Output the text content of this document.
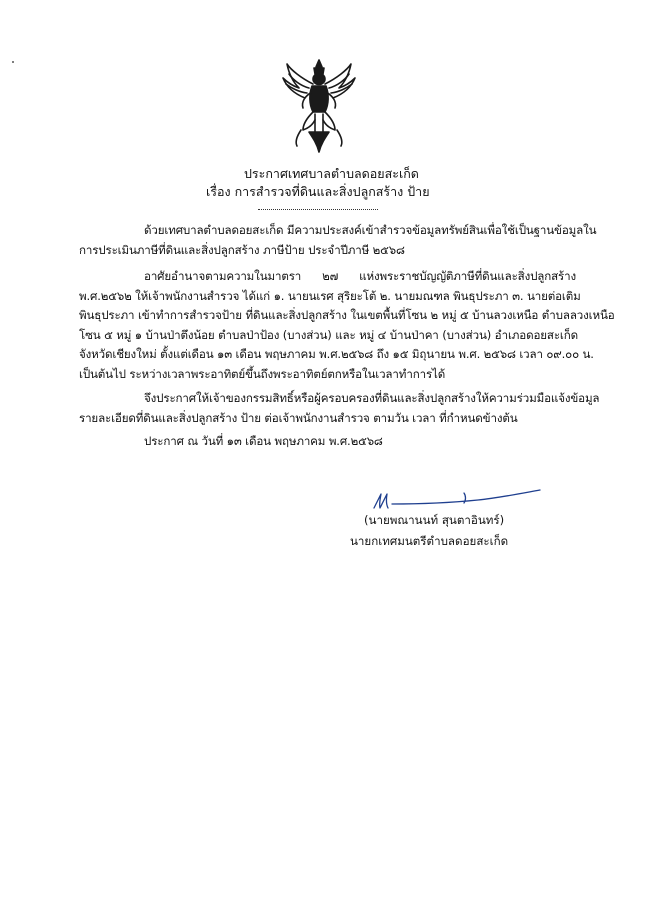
ประกาศเทศบาลตำบลดอยสะเก็ด
เรื่อง การสำรวจที่ดินและสิ่งปลูกสร้าง ป้าย
ด้วยเทศบาลตำบลดอยสะเก็ด มีความประสงค์เข้าสำรวจข้อมูลทรัพย์สินเพื่อใช้เป็นฐานข้อมูลใน
การประเมินภาษีที่ดินและสิ่งปลูกสร้าง ภาษีป้าย ประจำปีภาษี ๒๕๖๘
อาศัยอำนาจตามความในมาตรา ๒๗ แห่งพระราชบัญญัติภาษีที่ดินและสิ่งปลูกสร้าง
พ.ศ.๒๕๖๒ ให้เจ้าพนักงานสำรวจ ได้แก่ ๑. นายนเรศ สุริยะโต้ ๒. นายมณฑล พินธุประภา ๓. นายต่อเติม
พินธุประภา เข้าทำการสำรวจป้าย ที่ดินและสิ่งปลูกสร้าง ในเขตพื้นที่โซน ๒ หมู่ ๕ บ้านลวงเหนือ ตำบลลวงเหนือ
โซน ๕ หมู่ ๑ บ้านป่าตึงน้อย ตำบลป่าป้อง (บางส่วน) และ หมู่ ๔ บ้านป่าคา (บางส่วน) อำเภอดอยสะเก็ด
จังหวัดเชียงใหม่ ตั้งแต่เดือน ๑๓ เดือน พฤษภาคม พ.ศ.๒๕๖๘ ถึง ๑๕ มิถุนายน พ.ศ. ๒๕๖๘ เวลา ๐๙.๐๐ น.
เป็นต้นไป ระหว่างเวลาพระอาทิตย์ขึ้นถึงพระอาทิตย์ตกหรือในเวลาทำการได้
จึงประกาศให้เจ้าของกรรมสิทธิ์หรือผู้ครอบครองที่ดินและสิ่งปลูกสร้างให้ความร่วมมือแจ้งข้อมูล
รายละเอียดที่ดินและสิ่งปลูกสร้าง ป้าย ต่อเจ้าพนักงานสำรวจ ตามวัน เวลา ที่กำหนดข้างต้น
ประกาศ ณ วันที่ ๑๓ เดือน พฤษภาคม พ.ศ.๒๕๖๘
(นายพณานนท์ สุนตาอินทร์)
นายกเทศมนตรีตำบลดอยสะเก็ด
